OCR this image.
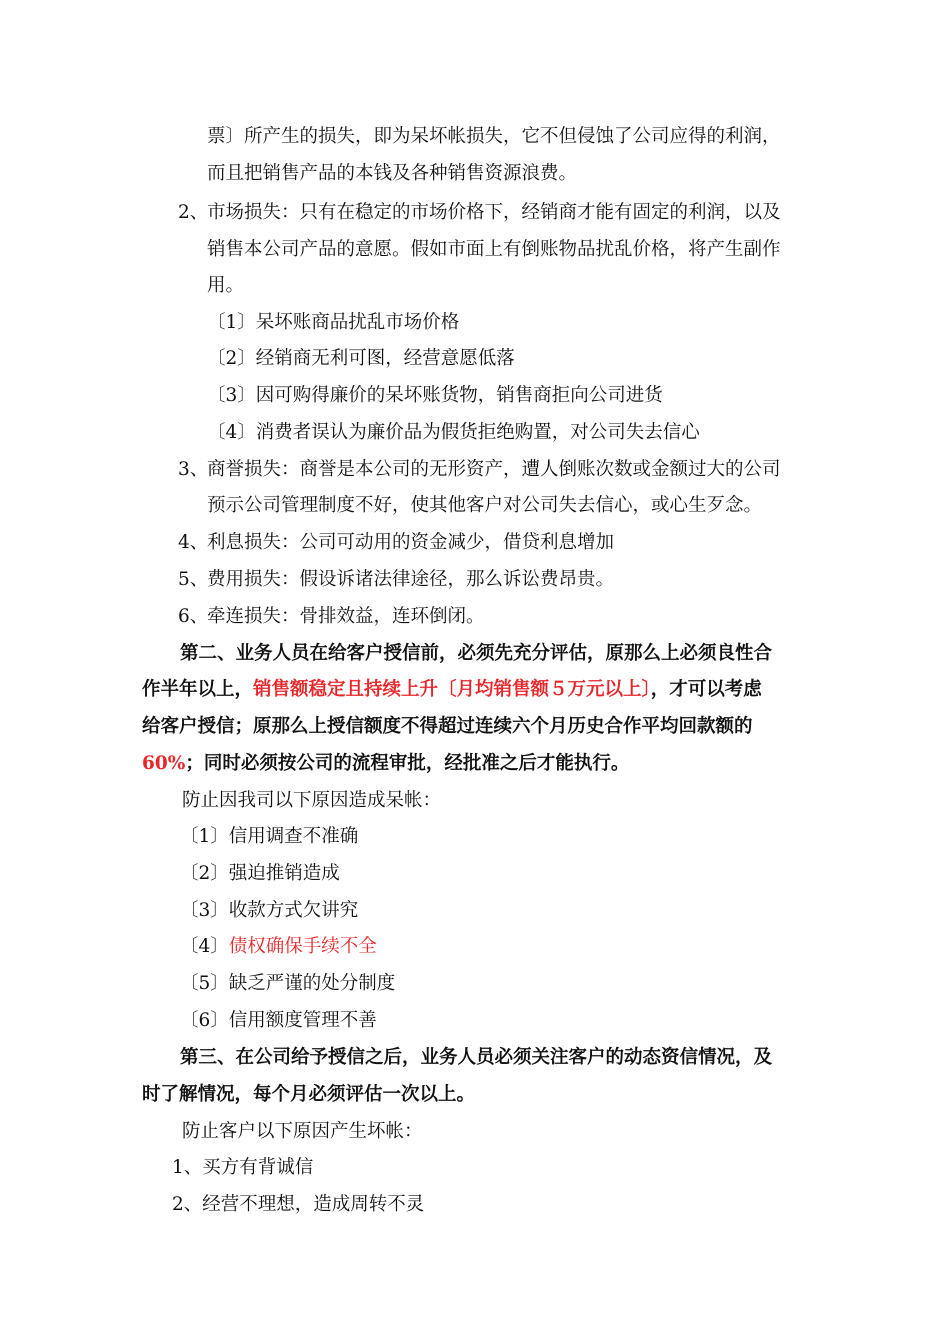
票〕所产生的损失，即为呆坏帐损失，它不但侵蚀了公司应得的利润，
而且把销售产品的本钱及各种销售资源浪费。
2、
市场损失：只有在稳定的市场价格下，经销商才能有固定的利润，以及
销售本公司产品的意愿。假如市面上有倒账物品扰乱价格，将产生副作
用。
〔1〕呆坏账商品扰乱市场价格
〔2〕经销商无利可图，经营意愿低落
〔3〕因可购得廉价的呆坏账货物，销售商拒向公司进货
〔4〕消费者误认为廉价品为假货拒绝购置，对公司失去信心
3、
商誉损失：商誉是本公司的无形资产，遭人倒账次数或金额过大的公司
预示公司管理制度不好，使其他客户对公司失去信心，或心生歹念。
4、
利息损失：公司可动用的资金减少，借贷利息增加
5、
费用损失：假设诉诸法律途径，那么诉讼费昂贵。
6、
牵连损失：骨排效益，连环倒闭。
第二、业务人员在给客户授信前，必须先充分评估，原那么上必须良性合
作半年以上，销售额稳定且持续上升〔月均销售额５万元以上〕，才可以考虑
给客户授信；原那么上授信额度不得超过连续六个月历史合作平均回款额的
60%；同时必须按公司的流程审批，经批准之后才能执行。
防止因我司以下原因造成呆帐：
〔1〕信用调查不准确
〔2〕强迫推销造成
〔3〕收款方式欠讲究
〔4〕债权确保手续不全
〔5〕缺乏严谨的处分制度
〔6〕信用额度管理不善
第三、在公司给予授信之后，业务人员必须关注客户的动态资信情况，及
时了解情况，每个月必须评估一次以上。
防止客户以下原因产生坏帐：
1、买方有背诚信
2、经营不理想，造成周转不灵
